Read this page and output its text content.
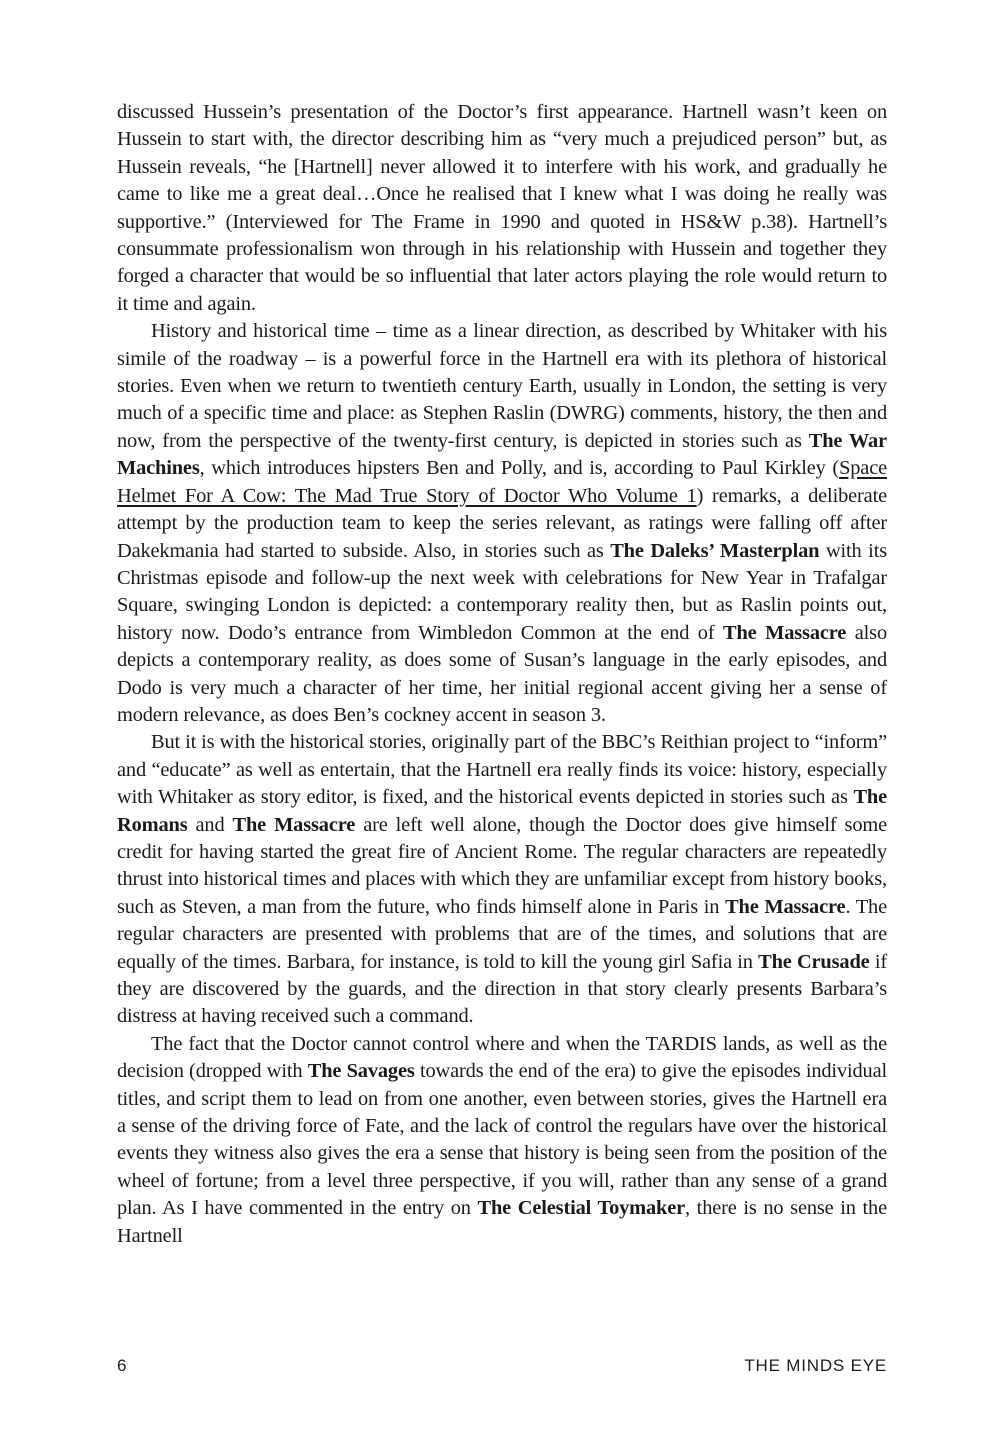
discussed Hussein’s presentation of the Doctor’s first appearance. Hartnell wasn’t keen on Hussein to start with, the director describing him as “very much a prejudiced person” but, as Hussein reveals, “he [Hartnell] never allowed it to interfere with his work, and gradually he came to like me a great deal…Once he realised that I knew what I was doing he really was supportive.” (Interviewed for The Frame in 1990 and quoted in HS&W p.38). Hartnell’s consummate professionalism won through in his relationship with Hussein and together they forged a character that would be so influential that later actors playing the role would return to it time and again.

History and historical time – time as a linear direction, as described by Whitaker with his simile of the roadway – is a powerful force in the Hartnell era with its plethora of historical stories. Even when we return to twentieth century Earth, usually in London, the setting is very much of a specific time and place: as Stephen Raslin (DWRG) comments, history, the then and now, from the perspective of the twenty-first century, is depicted in stories such as The War Machines, which introduces hipsters Ben and Polly, and is, according to Paul Kirkley (Space Helmet For A Cow: The Mad True Story of Doctor Who Volume 1) remarks, a deliberate attempt by the production team to keep the series relevant, as ratings were falling off after Dakekmania had started to subside. Also, in stories such as The Daleks’ Masterplan with its Christmas episode and follow-up the next week with celebrations for New Year in Trafalgar Square, swinging London is depicted: a contemporary reality then, but as Raslin points out, history now. Dodo’s entrance from Wimbledon Common at the end of The Massacre also depicts a contemporary reality, as does some of Susan’s language in the early episodes, and Dodo is very much a character of her time, her initial regional accent giving her a sense of modern relevance, as does Ben’s cockney accent in season 3.

But it is with the historical stories, originally part of the BBC’s Reithian project to “inform” and “educate” as well as entertain, that the Hartnell era really finds its voice: history, especially with Whitaker as story editor, is fixed, and the historical events depicted in stories such as The Romans and The Massacre are left well alone, though the Doctor does give himself some credit for having started the great fire of Ancient Rome. The regular characters are repeatedly thrust into historical times and places with which they are unfamiliar except from history books, such as Steven, a man from the future, who finds himself alone in Paris in The Massacre. The regular characters are presented with problems that are of the times, and solutions that are equally of the times. Barbara, for instance, is told to kill the young girl Safia in The Crusade if they are discovered by the guards, and the direction in that story clearly presents Barbara’s distress at having received such a command.

The fact that the Doctor cannot control where and when the TARDIS lands, as well as the decision (dropped with The Savages towards the end of the era) to give the episodes individual titles, and script them to lead on from one another, even between stories, gives the Hartnell era a sense of the driving force of Fate, and the lack of control the regulars have over the historical events they witness also gives the era a sense that history is being seen from the position of the wheel of fortune; from a level three perspective, if you will, rather than any sense of a grand plan. As I have commented in the entry on The Celestial Toymaker, there is no sense in the Hartnell

6	THE MINDS EYE
